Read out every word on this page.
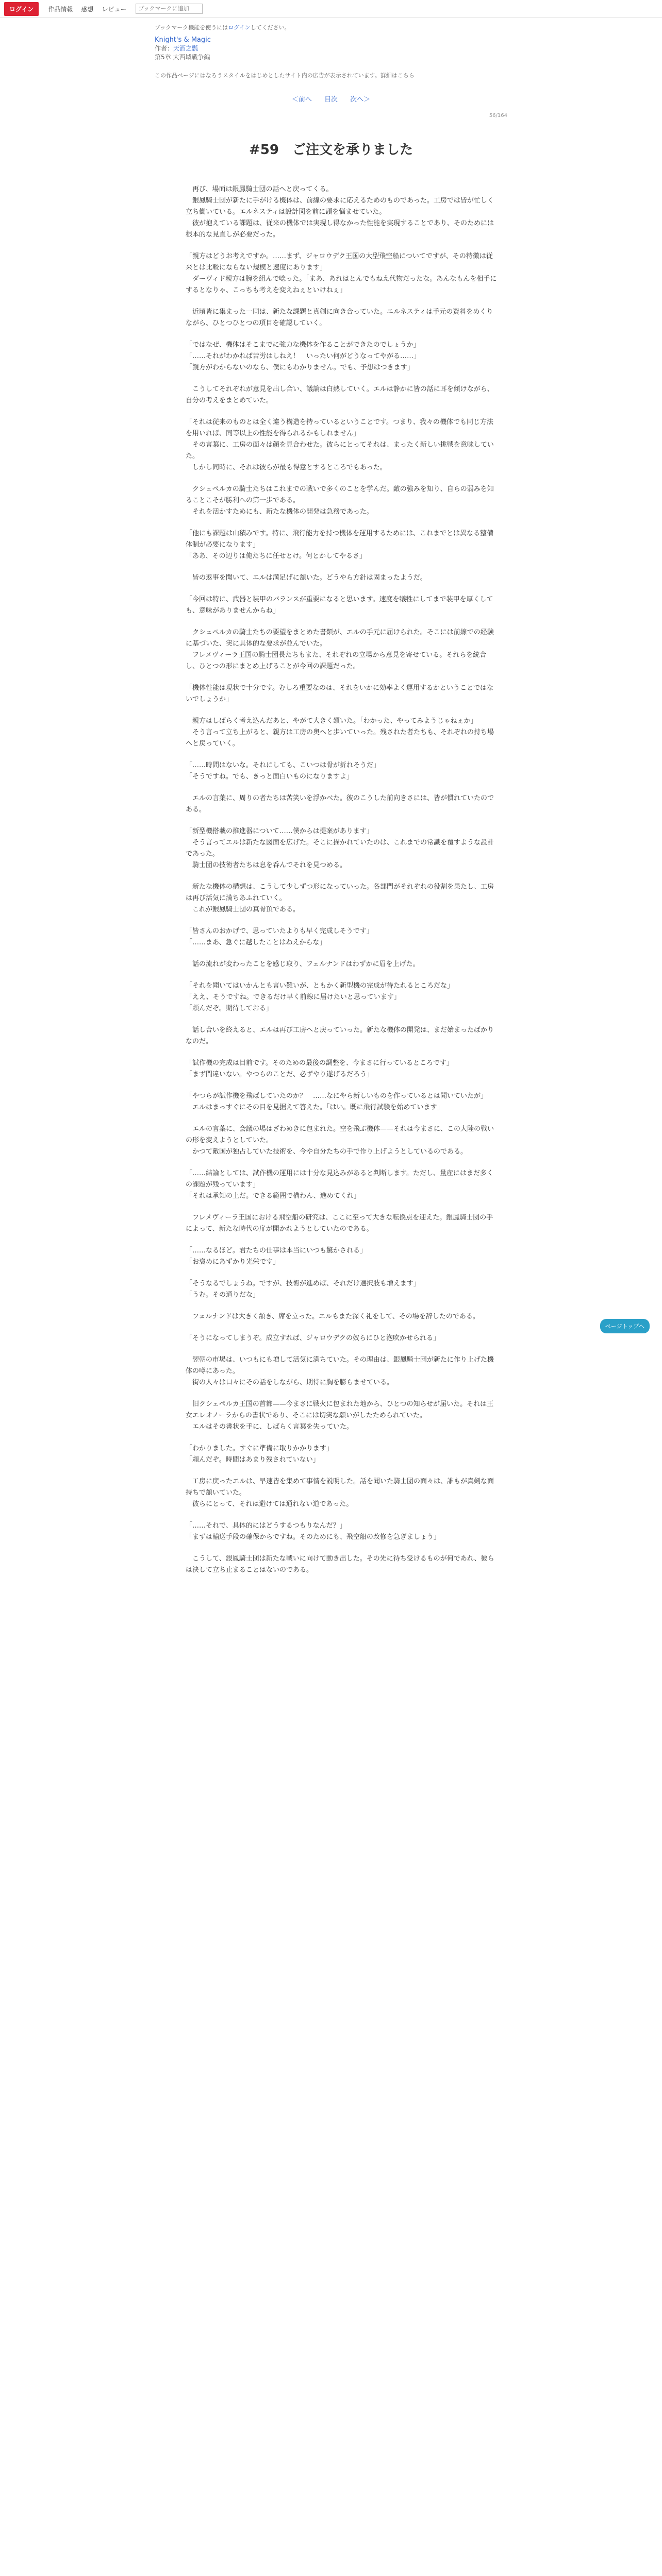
ログイン	作品情報 感想 レビュー
ブックマークに追加
ブックマーク機能を使うにはログインしてください。
Knight's & Magic
作者：天酒之瓢
第5章 大西域戦争編
この作品ページにはなろうスタイルをはじめとしたサイト内の広告が表示されています。詳細はこちら
＜前へ 目次 次へ＞
56/164
#59　ご注文を承りました

　再び、場面は銀鳳騎士団の話へと戻ってくる。
　銀鳳騎士団が新たに手がける機体は、前線の要求に応えるためのものであった。工房では皆が忙しく立ち働いている。エルネスティは設計図を前に頭を悩ませていた。
　彼が抱えている課題は、従来の機体では実現し得なかった性能を実現することであり、そのためには根本的な見直しが必要だった。

「親方はどうお考えですか。……まず、ジャロウデク王国の大型飛空船についてですが、その特徴は従来とは比較にならない規模と速度にあります」
　ダーヴィド親方は腕を組んで唸った。「まあ、あれはとんでもねえ代物だったな。あんなもんを相手にするとなりゃ、こっちも考えを変えねぇといけねぇ」

　近頃皆に集まった一同は、新たな課題と真剣に向き合っていた。エルネスティは手元の資料をめくりながら、ひとつひとつの項目を確認していく。

「ではなぜ、機体はそこまでに強力な機体を作ることができたのでしょうか」
「……それがわかれば苦労はしねえ！　いったい何がどうなってやがる……」
「親方がわからないのなら、僕にもわかりません。でも、予想はつきます」

　こうしてそれぞれが意見を出し合い、議論は白熱していく。エルは静かに皆の話に耳を傾けながら、自分の考えをまとめていた。

「それは従来のものとは全く違う構造を持っているということです。つまり、我々の機体でも同じ方法を用いれば、同等以上の性能を得られるかもしれません」
　その言葉に、工房の面々は顔を見合わせた。彼らにとってそれは、まったく新しい挑戦を意味していた。
　しかし同時に、それは彼らが最も得意とするところでもあった。

　クシェペルカの騎士たちはこれまでの戦いで多くのことを学んだ。敵の強みを知り、自らの弱みを知ることこそが勝利への第一歩である。
　それを活かすためにも、新たな機体の開発は急務であった。

「他にも課題は山積みです。特に、飛行能力を持つ機体を運用するためには、これまでとは異なる整備体制が必要になります」
「ああ、その辺りは俺たちに任せとけ。何とかしてやるさ」

　皆の返事を聞いて、エルは満足げに頷いた。どうやら方針は固まったようだ。

「今回は特に、武器と装甲のバランスが重要になると思います。速度を犠牲にしてまで装甲を厚くしても、意味がありませんからね」

　クシェペルカの騎士たちの要望をまとめた書類が、エルの手元に届けられた。そこには前線での経験に基づいた、実に具体的な要求が並んでいた。
　フレメヴィーラ王国の騎士団長たちもまた、それぞれの立場から意見を寄せている。それらを統合し、ひとつの形にまとめ上げることが今回の課題だった。

「機体性能は現状で十分です。むしろ重要なのは、それをいかに効率よく運用するかということではないでしょうか」

　親方はしばらく考え込んだあと、やがて大きく頷いた。「わかった、やってみようじゃねぇか」
　そう言って立ち上がると、親方は工房の奥へと歩いていった。残された者たちも、それぞれの持ち場へと戻っていく。

「……時間はないな。それにしても、こいつは骨が折れそうだ」
「そうですね。でも、きっと面白いものになりますよ」

　エルの言葉に、周りの者たちは苦笑いを浮かべた。彼のこうした前向きさには、皆が慣れていたのである。

「新型機搭載の推進器について……僕からは提案があります」
　そう言ってエルは新たな図面を広げた。そこに描かれていたのは、これまでの常識を覆すような設計であった。
　騎士団の技術者たちは息を呑んでそれを見つめる。

　新たな機体の構想は、こうして少しずつ形になっていった。各部門がそれぞれの役割を果たし、工房は再び活気に満ちあふれていく。
　これが銀鳳騎士団の真骨頂である。

「皆さんのおかげで、思っていたよりも早く完成しそうです」
「……まあ、急ぐに越したことはねえからな」

　話の流れが変わったことを感じ取り、フェルナンドはわずかに眉を上げた。

「それを聞いてはいかんとも言い難いが、ともかく新型機の完成が待たれるところだな」
「ええ、そうですね。できるだけ早く前線に届けたいと思っています」
「頼んだぞ。期待しておる」

　話し合いを終えると、エルは再び工房へと戻っていった。新たな機体の開発は、まだ始まったばかりなのだ。

「試作機の完成は目前です。そのための最後の調整を、今まさに行っているところです」
「まず間違いない。やつらのことだ、必ずやり遂げるだろう」

「やつらが試作機を飛ばしていたのか？　……なにやら新しいものを作っているとは聞いていたが」
　エルはまっすぐにその目を見据えて答えた。「はい。既に飛行試験を始めています」

　エルの言葉に、会議の場はざわめきに包まれた。空を飛ぶ機体——それは今まさに、この大陸の戦いの形を変えようとしていた。
　かつて敵国が独占していた技術を、今や自分たちの手で作り上げようとしているのである。

「……結論としては、試作機の運用には十分な見込みがあると判断します。ただし、量産にはまだ多くの課題が残っています」
「それは承知の上だ。できる範囲で構わん、進めてくれ」

　フレメヴィーラ王国における飛空船の研究は、ここに至って大きな転換点を迎えた。銀鳳騎士団の手によって、新たな時代の扉が開かれようとしていたのである。

「……なるほど。君たちの仕事は本当にいつも驚かされる」
「お褒めにあずかり光栄です」

「そうなるでしょうね。ですが、技術が進めば、それだけ選択肢も増えます」
「うむ。その通りだな」

　フェルナンドは大きく頷き、席を立った。エルもまた深く礼をして、その場を辞したのである。

「そうになってしまうぞ。成立すれば、ジャロウデクの奴らにひと泡吹かせられる」

　翌朝の市場は、いつもにも増して活気に満ちていた。その理由は、銀鳳騎士団が新たに作り上げた機体の噂にあった。
　街の人々は口々にその話をしながら、期待に胸を膨らませている。

　旧クシェペルカ王国の首都——今まさに戦火に包まれた地から、ひとつの知らせが届いた。それは王女エレオノーラからの書状であり、そこには切実な願いがしたためられていた。
　エルはその書状を手に、しばらく言葉を失っていた。

「わかりました。すぐに準備に取りかかります」
「頼んだぞ。時間はあまり残されていない」

　工房に戻ったエルは、早速皆を集めて事情を説明した。話を聞いた騎士団の面々は、誰もが真剣な面持ちで頷いていた。
　彼らにとって、それは避けては通れない道であった。

「……それで、具体的にはどうするつもりなんだ？」
「まずは輸送手段の確保からですね。そのためにも、飛空船の改修を急ぎましょう」

　こうして、銀鳳騎士団は新たな戦いに向けて動き出した。その先に待ち受けるものが何であれ、彼らは決して立ち止まることはないのである。

ページトップへ
